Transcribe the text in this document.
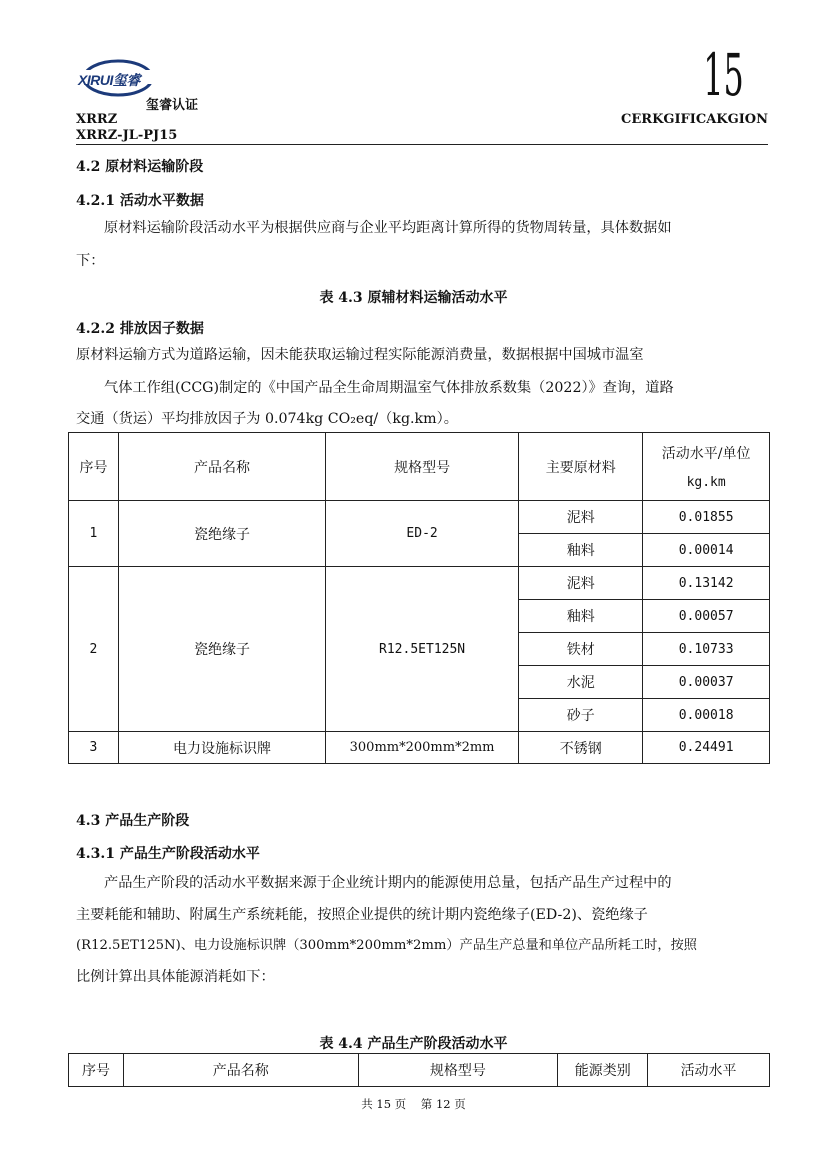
XIRUI玺睿
玺睿认证
XRRZ
XRRZ-JL-PJ15
CERKGIFICAKGION
15
4.2 原材料运输阶段
4.2.1 活动水平数据
原材料运输阶段活动水平为根据供应商与企业平均距离计算所得的货物周转量，具体数据如
下：
表 4.3 原辅材料运输活动水平
4.2.2 排放因子数据
原材料运输方式为道路运输，因未能获取运输过程实际能源消费量，数据根据中国城市温室
气体工作组(CCG)制定的《中国产品全生命周期温室气体排放系数集（2022）》查询，道路
交通（货运）平均排放因子为 0.074kg CO₂eq/（kg.km）。
序号	产品名称	规格型号	主要原材料	活动水平/单位
kg.km

1	瓷绝缘子	ED-2	泥料	0.01855
			釉料	0.00014
2	瓷绝缘子	R12.5ET125N	泥料	0.13142
			釉料	0.00057
			铁材	0.10733
			水泥	0.00037
			砂子	0.00018
3	电力设施标识牌	300mm*200mm*2mm	不锈钢	0.24491
4.3 产品生产阶段
4.3.1 产品生产阶段活动水平
产品生产阶段的活动水平数据来源于企业统计期内的能源使用总量，包括产品生产过程中的
主要耗能和辅助、附属生产系统耗能，按照企业提供的统计期内瓷绝缘子(ED-2)、瓷绝缘子
(R12.5ET125N)、电力设施标识牌（300mm*200mm*2mm）产品生产总量和单位产品所耗工时，按照
比例计算出具体能源消耗如下：
表 4.4 产品生产阶段活动水平
序号	产品名称	规格型号	能源类别	活动水平
共 15 页    第 12 页
